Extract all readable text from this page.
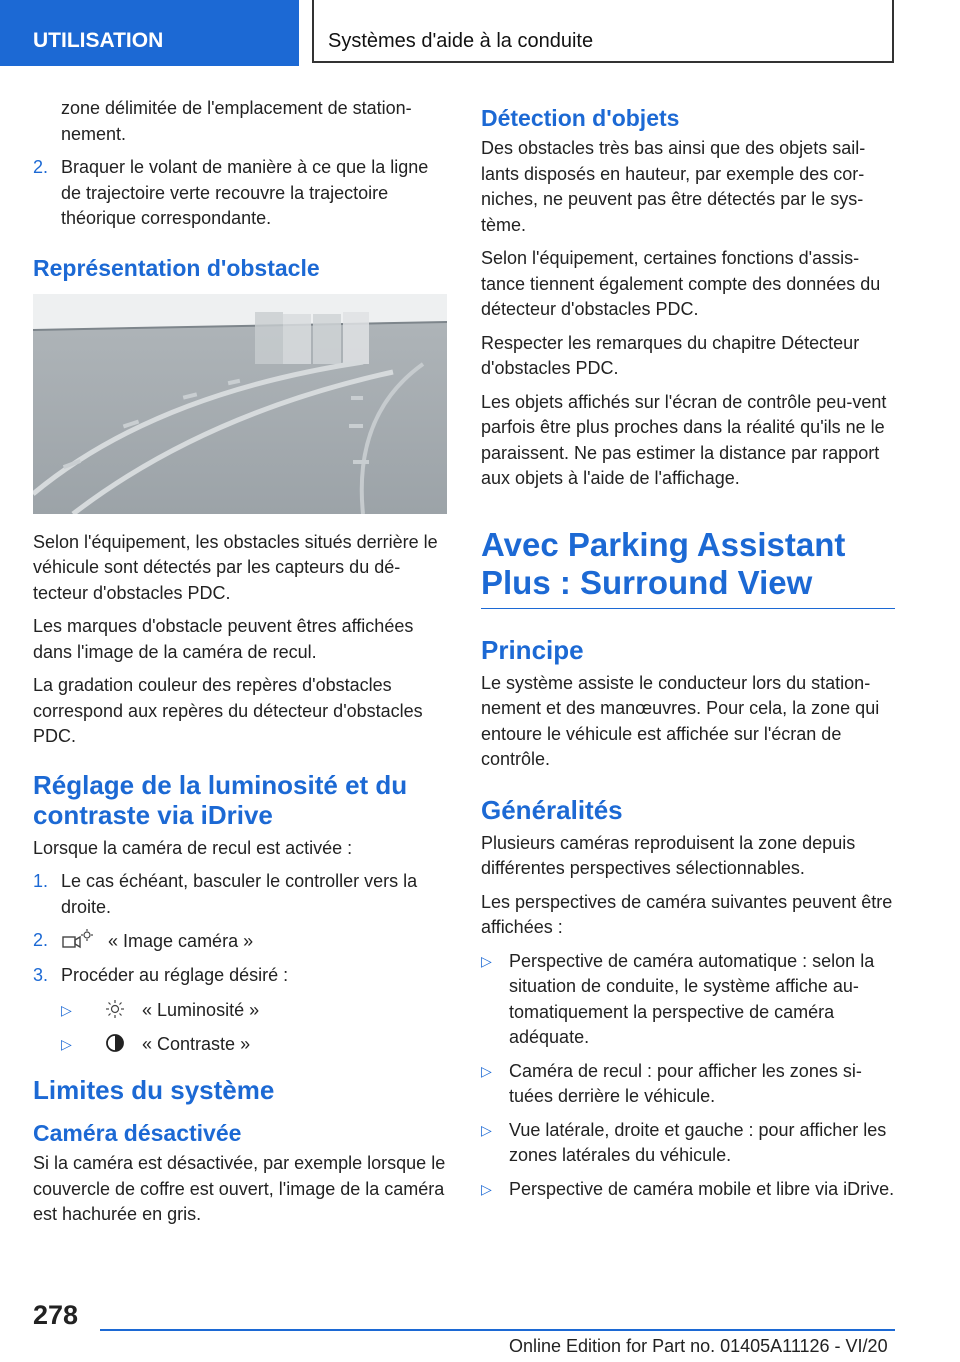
UTILISATION	Systèmes d'aide à la conduite
zone délimitée de l'emplacement de station-nement.
2. Braquer le volant de manière à ce que la ligne de trajectoire verte recouvre la trajectoire théorique correspondante.
Représentation d'obstacle

Selon l'équipement, les obstacles situés derrière le véhicule sont détectés par les capteurs du dé-tecteur d'obstacles PDC.

Les marques d'obstacle peuvent êtres affichées dans l'image de la caméra de recul.

La gradation couleur des repères d'obstacles correspond aux repères du détecteur d'obstacles PDC.

Réglage de la luminosité et du contraste via iDrive

Lorsque la caméra de recul est activée :

1. Le cas échéant, basculer le controller vers la droite.
2.	« Image caméra »
3. Procéder au réglage désiré :
▷	« Luminosité »
▷	« Contraste »
Limites du système
Caméra désactivée

Si la caméra est désactivée, par exemple lorsque le couvercle de coffre est ouvert, l'image de la caméra est hachurée en gris.

Détection d'objets

Des obstacles très bas ainsi que des objets sail-lants disposés en hauteur, par exemple des cor-niches, ne peuvent pas être détectés par le sys-tème.

Selon l'équipement, certaines fonctions d'assis-tance tiennent également compte des données du détecteur d'obstacles PDC.

Respecter les remarques du chapitre Détecteur d'obstacles PDC.

Les objets affichés sur l'écran de contrôle peu-vent parfois être plus proches dans la réalité qu'ils ne le paraissent. Ne pas estimer la distance par rapport aux objets à l'aide de l'affichage.

Avec Parking Assistant Plus : Surround View
Principe

Le système assiste le conducteur lors du station-nement et des manœuvres. Pour cela, la zone qui entoure le véhicule est affichée sur l'écran de contrôle.

Généralités

Plusieurs caméras reproduisent la zone depuis différentes perspectives sélectionnables.

Les perspectives de caméra suivantes peuvent être affichées :

▷ Perspective de caméra automatique : selon la situation de conduite, le système affiche au-tomatiquement la perspective de caméra adéquate.
▷ Caméra de recul : pour afficher les zones si-tuées derrière le véhicule.
▷ Vue latérale, droite et gauche : pour afficher les zones latérales du véhicule.
▷ Perspective de caméra mobile et libre via iDrive.
278
Online Edition for Part no. 01405A11126 - VI/20
